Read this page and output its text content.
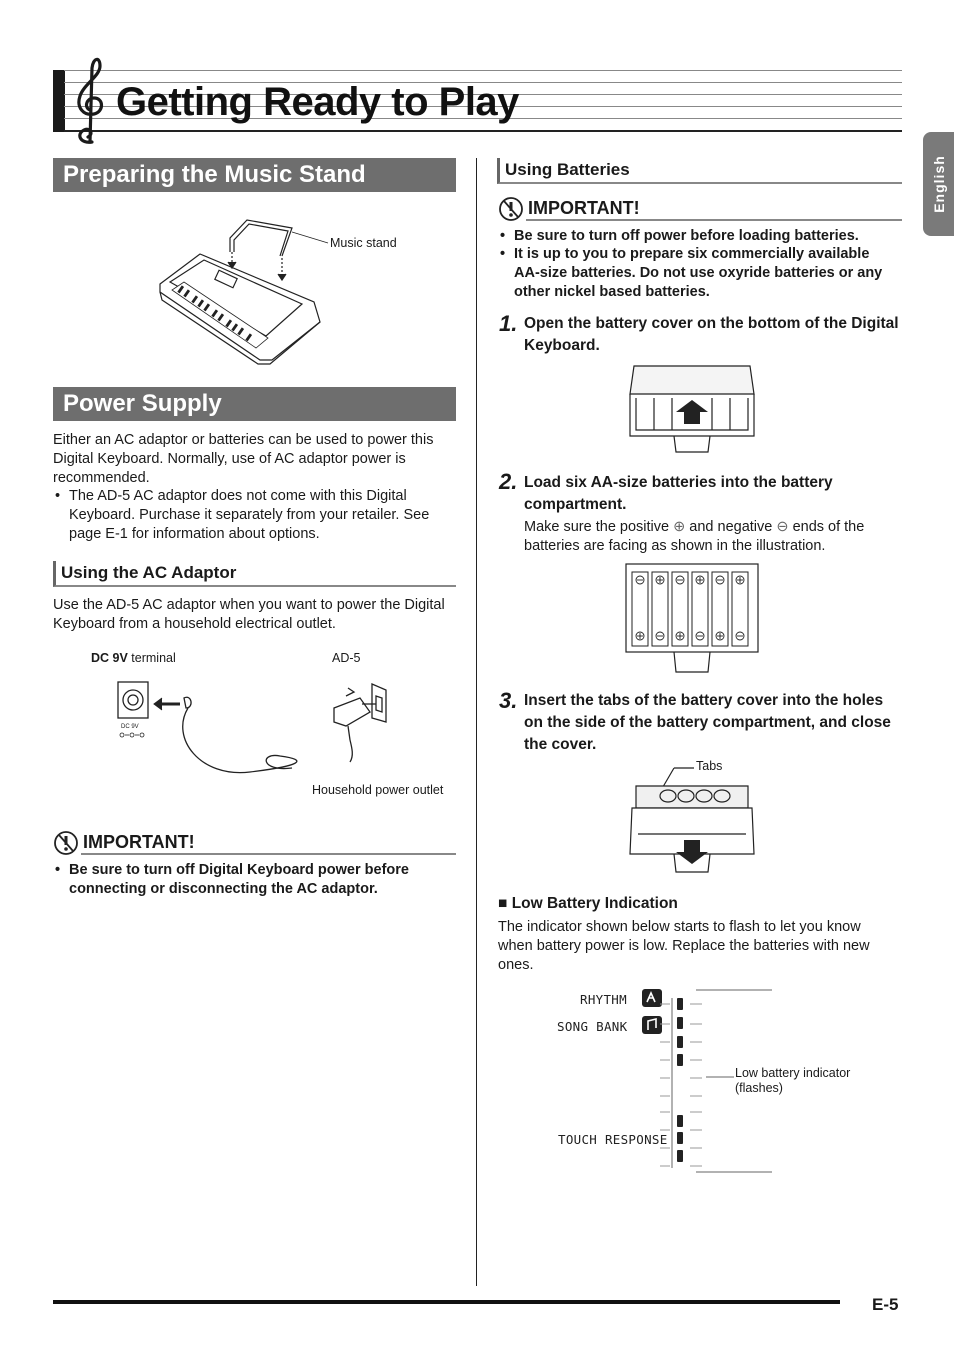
Getting Ready to Play
English
Preparing the Music Stand
Music stand
Power Supply
Either an AC adaptor or batteries can be used to power this Digital Keyboard. Normally, use of AC adaptor power is recommended.
• The AD-5 AC adaptor does not come with this Digital Keyboard. Purchase it separately from your retailer. See page E-1 for information about options.
Using the AC Adaptor
Use the AD-5 AC adaptor when you want to power the Digital Keyboard from a household electrical outlet.
DC 9V terminal	AD-5
DC 9V
Household power outlet
IMPORTANT!
• Be sure to turn off Digital Keyboard power before connecting or disconnecting the AC adaptor.
Using Batteries
IMPORTANT!
• Be sure to turn off power before loading batteries.
• It is up to you to prepare six commercially available AA-size batteries. Do not use oxyride batteries or any other nickel based batteries.
1. Open the battery cover on the bottom of the Digital Keyboard.
2. Load six AA-size batteries into the battery compartment.
Make sure the positive ⊕ and negative ⊖ ends of the batteries are facing as shown in the illustration.
3. Insert the tabs of the battery cover into the holes on the side of the battery compartment, and close the cover.
Tabs
■ Low Battery Indication
The indicator shown below starts to flash to let you know when battery power is low. Replace the batteries with new ones.
RHYTHM
SONG BANK
TOUCH RESPONSE
Low battery indicator
(flashes)
E-5
